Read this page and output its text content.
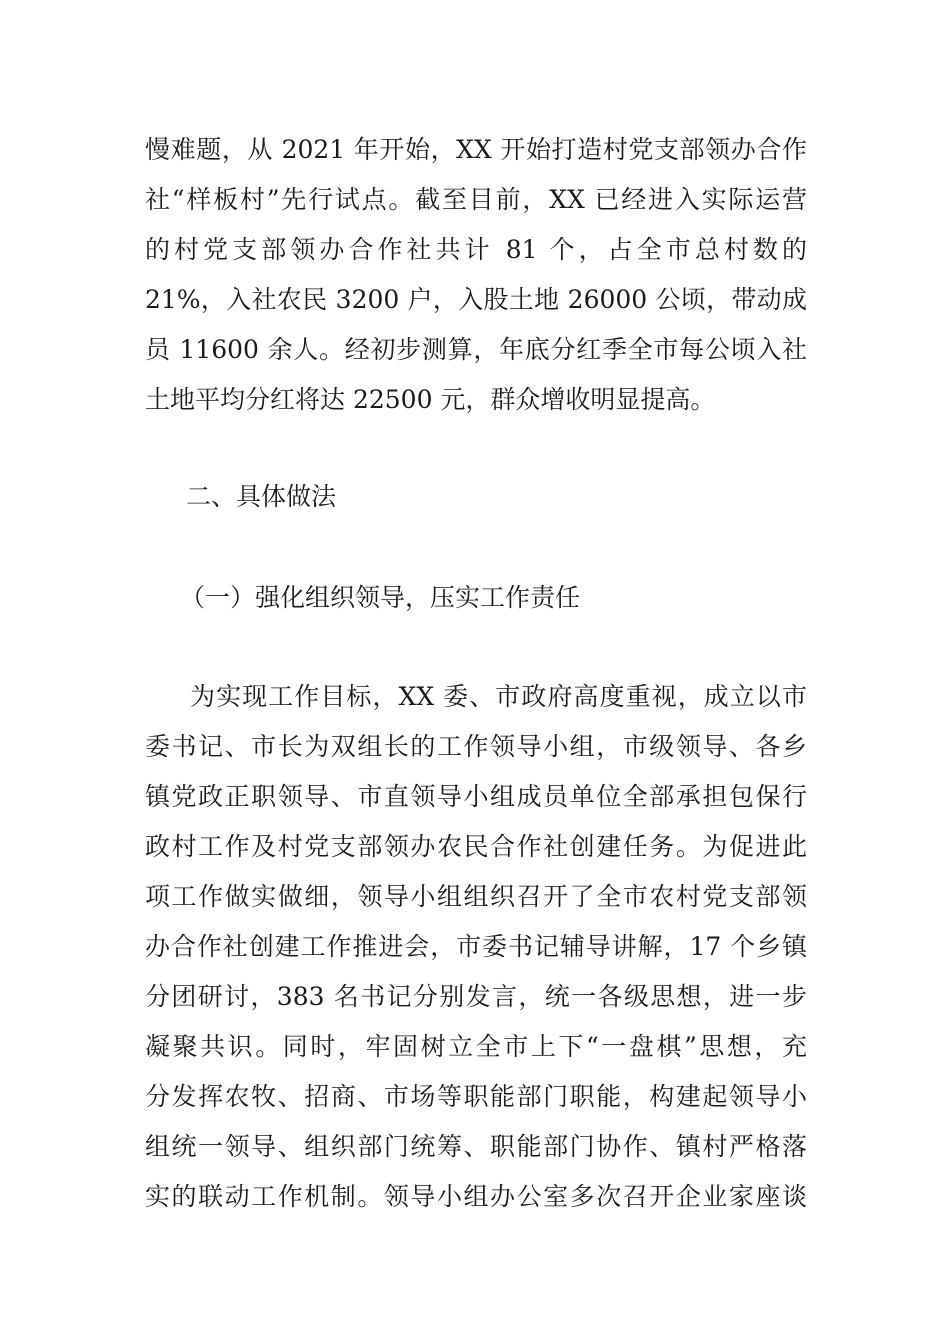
慢难题，从 2021 年开始，XX 开始打造村党支部领办合作
社“样板村”先行试点。截至目前，XX 已经进入实际运营
的村党支部领办合作社共计 81 个，占全市总村数的
21%，入社农民 3200 户，入股土地 26000 公顷，带动成
员 11600 余人。经初步测算，年底分红季全市每公顷入社
土地平均分红将达 22500 元，群众增收明显提高。
二、具体做法
（一）强化组织领导，压实工作责任
为实现工作目标，XX 委、市政府高度重视，成立以市
委书记、市长为双组长的工作领导小组，市级领导、各乡
镇党政正职领导、市直领导小组成员单位全部承担包保行
政村工作及村党支部领办农民合作社创建任务。为促进此
项工作做实做细，领导小组组织召开了全市农村党支部领
办合作社创建工作推进会，市委书记辅导讲解，17 个乡镇
分团研讨，383 名书记分别发言，统一各级思想，进一步
凝聚共识。同时，牢固树立全市上下“一盘棋”思想，充
分发挥农牧、招商、市场等职能部门职能，构建起领导小
组统一领导、组织部门统筹、职能部门协作、镇村严格落
实的联动工作机制。领导小组办公室多次召开企业家座谈
